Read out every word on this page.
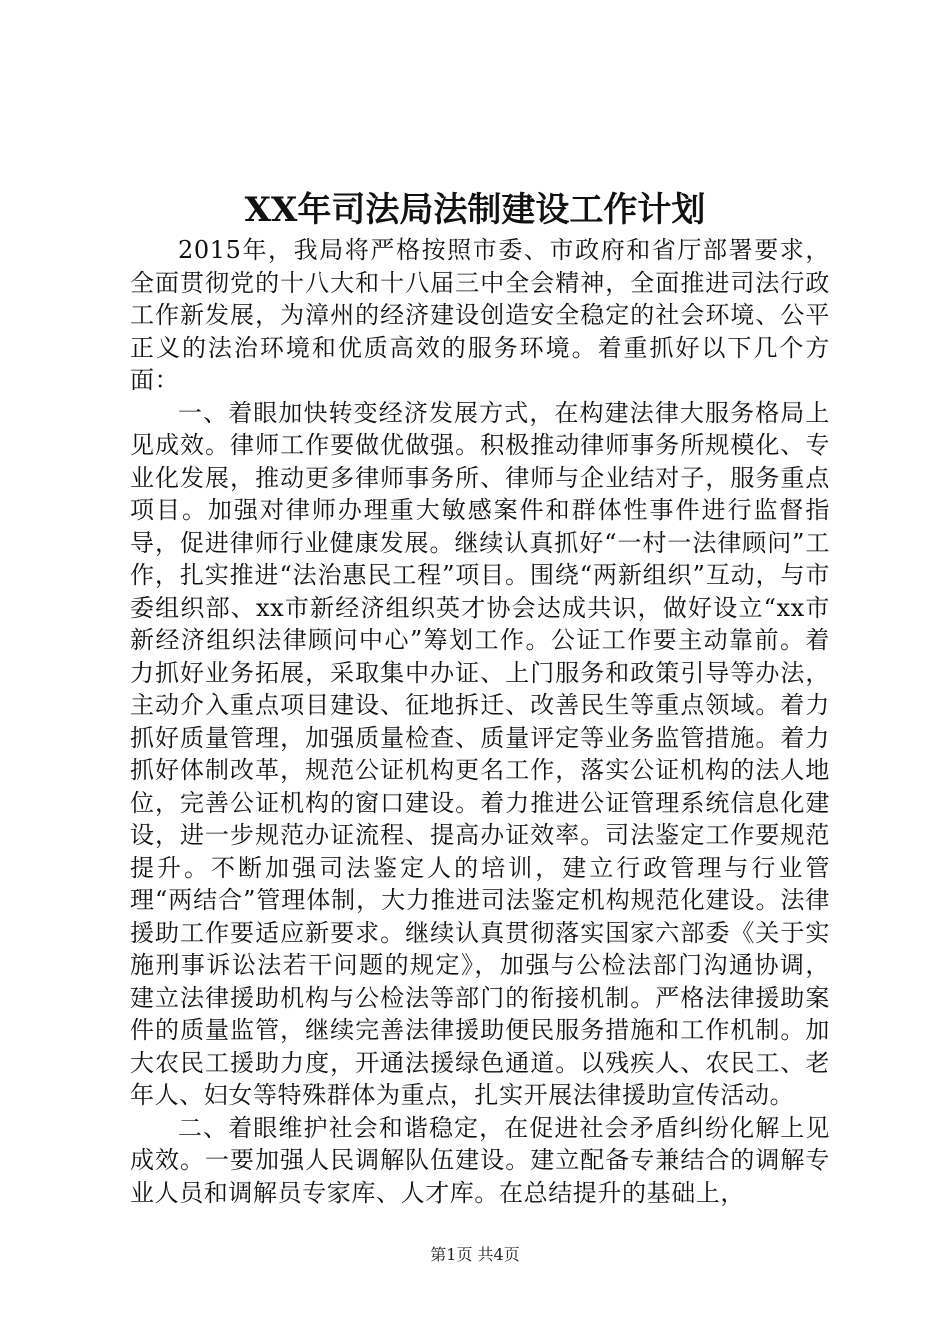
XX年司法局法制建设工作计划

2015年，我局将严格按照市委、市政府和省厅部署要求，全面贯彻党的十八大和十八届三中全会精神，全面推进司法行政工作新发展，为漳州的经济建设创造安全稳定的社会环境、公平正义的法治环境和优质高效的服务环境。着重抓好以下几个方面：

一、着眼加快转变经济发展方式，在构建法律大服务格局上见成效。律师工作要做优做强。积极推动律师事务所规模化、专业化发展，推动更多律师事务所、律师与企业结对子，服务重点项目。加强对律师办理重大敏感案件和群体性事件进行监督指导，促进律师行业健康发展。继续认真抓好“一村一法律顾问”工作，扎实推进“法治惠民工程”项目。围绕“两新组织”互动，与市委组织部、xx市新经济组织英才协会达成共识，做好设立“xx市新经济组织法律顾问中心”筹划工作。公证工作要主动靠前。着力抓好业务拓展，采取集中办证、上门服务和政策引导等办法，主动介入重点项目建设、征地拆迁、改善民生等重点领域。着力抓好质量管理，加强质量检查、质量评定等业务监管措施。着力抓好体制改革，规范公证机构更名工作，落实公证机构的法人地位，完善公证机构的窗口建设。着力推进公证管理系统信息化建设，进一步规范办证流程、提高办证效率。司法鉴定工作要规范提升。不断加强司法鉴定人的培训，建立行政管理与行业管理“两结合”管理体制，大力推进司法鉴定机构规范化建设。法律援助工作要适应新要求。继续认真贯彻落实国家六部委《关于实施刑事诉讼法若干问题的规定》，加强与公检法部门沟通协调，建立法律援助机构与公检法等部门的衔接机制。严格法律援助案件的质量监管，继续完善法律援助便民服务措施和工作机制。加大农民工援助力度，开通法援绿色通道。以残疾人、农民工、老年人、妇女等特殊群体为重点，扎实开展法律援助宣传活动。

二、着眼维护社会和谐稳定，在促进社会矛盾纠纷化解上见成效。一要加强人民调解队伍建设。建立配备专兼结合的调解专业人员和调解员专家库、人才库。在总结提升的基础上，

第1页 共4页
